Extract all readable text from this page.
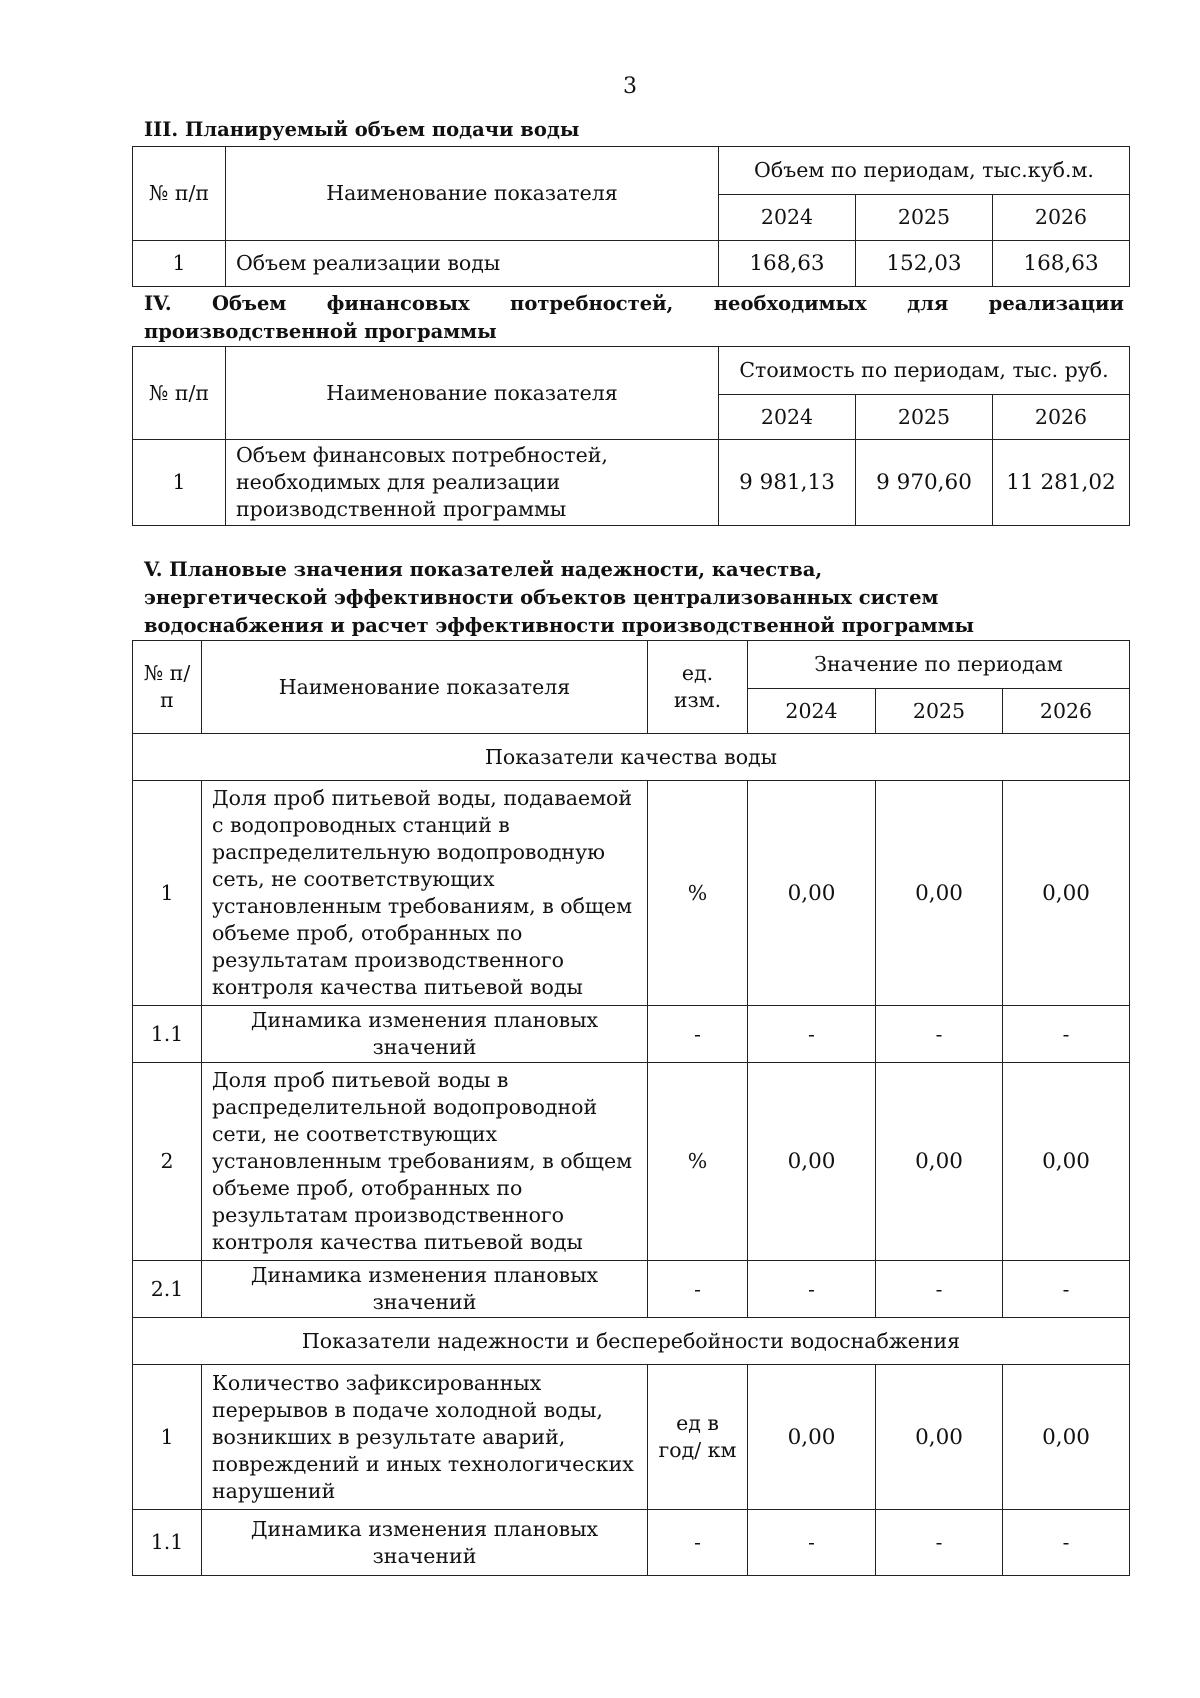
3
III. Планируемый объем подачи воды
№ п/п	Наименование показателя	Объем по периодам, тыс.куб.м.		
		2024	2025	2026
1	Объем реализации воды	168,63	152,03	168,63
IV. Объем финансовых потребностей, необходимых для реализации производственной программы
№ п/п	Наименование показателя	Стоимость по периодам, тыс. руб.		
		2024	2025	2026
1	Объем финансовых потребностей, необходимых для реализации производственной программы	9 981,13	9 970,60	11 281,02
V. Плановые значения показателей надежности, качества, энергетической эффективности объектов централизованных систем водоснабжения и расчет эффективности производственной программы
№ п/п	Наименование показателя	ед. изм.	Значение по периодам		
			2024	2025	2026
Показатели качества воды					
1	Доля проб питьевой воды, подаваемой с водопроводных станций в распределительную водопроводную сеть, не соответствующих установленным требованиям, в общем объеме проб, отобранных по результатам производственного контроля качества питьевой воды	%	0,00	0,00	0,00
1.1	Динамика изменения плановых значений	-	-	-	-
2	Доля проб питьевой воды в распределительной водопроводной сети, не соответствующих установленным требованиям, в общем объеме проб, отобранных по результатам производственного контроля качества питьевой воды	%	0,00	0,00	0,00
2.1	Динамика изменения плановых значений	-	-	-	-
Показатели надежности и бесперебойности водоснабжения					
1	Количество зафиксированных перерывов в подаче холодной воды, возникших в результате аварий, повреждений и иных технологических нарушений	ед в год/ км	0,00	0,00	0,00
1.1	Динамика изменения плановых значений	-	-	-	-
